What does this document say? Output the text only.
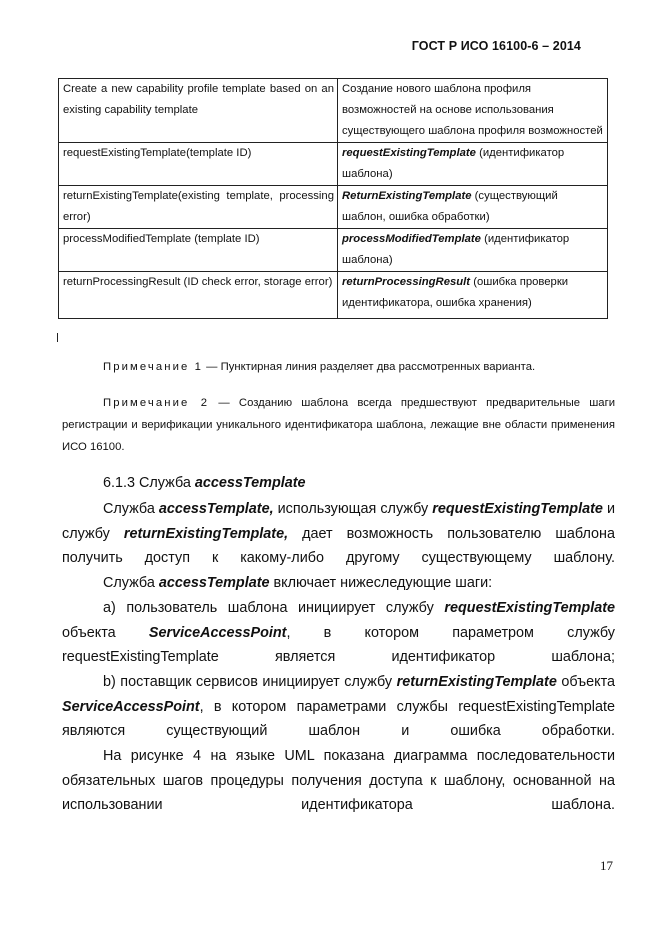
ГОСТ Р ИСО 16100-6 – 2014
Create a new capability profile template based on an existing capability template	Создание нового шаблона профиля возможностей на основе использования существующего шаблона профиля возможностей
requestExistingTemplate(template ID)	requestExistingTemplate (идентификатор шаблона)
returnExistingTemplate(existing template, processing error)	ReturnExistingTemplate (существующий шаблон, ошибка обработки)
processModifiedTemplate (template ID)	processModifiedTemplate (идентификатор шаблона)
returnProcessingResult (ID check error, storage error)	returnProcessingResult (ошибка проверки идентификатора, ошибка хранения)
Примечание 1 — Пунктирная линия разделяет два рассмотренных варианта.
Примечание 2 — Созданию шаблона всегда предшествуют предварительные шаги регистрации и верификации уникального идентификатора шаблона, лежащие вне области применения ИСО 16100.
6.1.3 Служба accessTemplate
Служба accessTemplate, использующая службу requestExistingTemplate и службу returnExistingTemplate, дает возможность пользователю шаблона получить доступ к какому-либо другому существующему шаблону.
Служба accessTemplate включает нижеследующие шаги:
а) пользователь шаблона инициирует службу requestExistingTemplate объекта ServiceAccessPoint, в котором параметром службу requestExistingTemplate является идентификатор шаблона;
b) поставщик сервисов инициирует службу returnExistingTemplate объекта ServiceAccessPoint, в котором параметрами службы requestExistingTemplate являются существующий шаблон и ошибка обработки.
На рисунке 4 на языке UML показана диаграмма последовательности обязательных шагов процедуры получения доступа к шаблону, основанной на использовании идентификатора шаблона.
17
